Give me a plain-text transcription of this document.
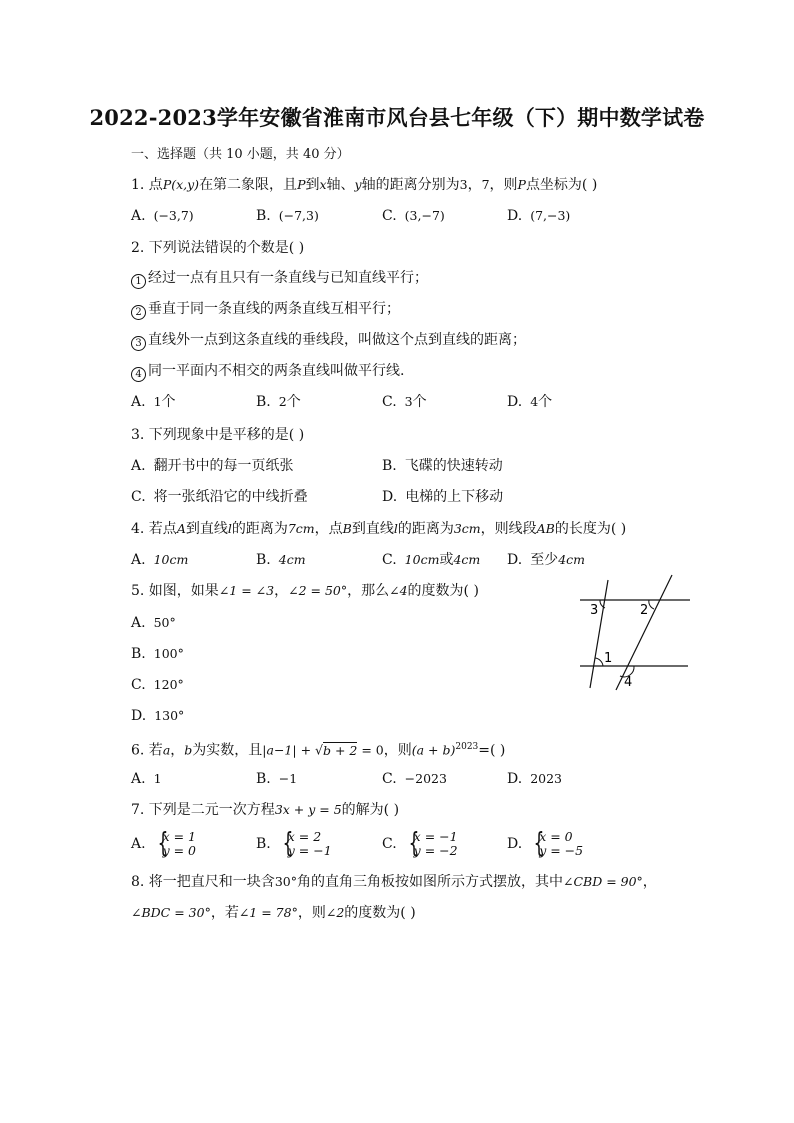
2022-2023学年安徽省淮南市风台县七年级（下）期中数学试卷
一、选择题（共 10 小题，共 40 分）
1. 点P(x,y)在第二象限，且P到x轴、y轴的距离分别为3，7，则P点坐标为( )
A. (−3,7)	B. (−7,3)	C. (3,−7)	D. (7,−3)
2. 下列说法错误的个数是( )
1 经过一点有且只有一条直线与已知直线平行；
2 垂直于同一条直线的两条直线互相平行；
3 直线外一点到这条直线的垂线段，叫做这个点到直线的距离；
4 同一平面内不相交的两条直线叫做平行线.
A. 1个	B. 2个	C. 3个	D. 4个
3. 下列现象中是平移的是( )
A. 翻开书中的每一页纸张	B. 飞碟的快速转动
C. 将一张纸沿它的中线折叠	D. 电梯的上下移动
4. 若点A到直线l的距离为7cm，点B到直线l的距离为3cm，则线段AB的长度为( )
A. 10cm	B. 4cm	C. 10cm或4cm D. 至少4cm
5. 如图，如果∠1 = ∠3，∠2 = 50°，那么∠4的度数为( )
A. 50°
B. 100°
C. 120°
D. 130°
3	2
1
4
6. 若a，b为实数，且|a−1| + √b + 2 = 0，则$(a + b)^{2023}=$( )
A. 1	B. −1	C. −2023	D. 2023
7. 下列是二元一次方程3x + y = 5的解为( )
A. {
x = 1
y = 0	B. {
x = 2
y = −1	C. {
x = −1
y = −2	D. {
x = 0
y = −5
8. 将一把直尺和一块含30°角的直角三角板按如图所示方式摆放，其中∠CBD = 90°，
∠BDC = 30°，若∠1 = 78°，则∠2的度数为( )
